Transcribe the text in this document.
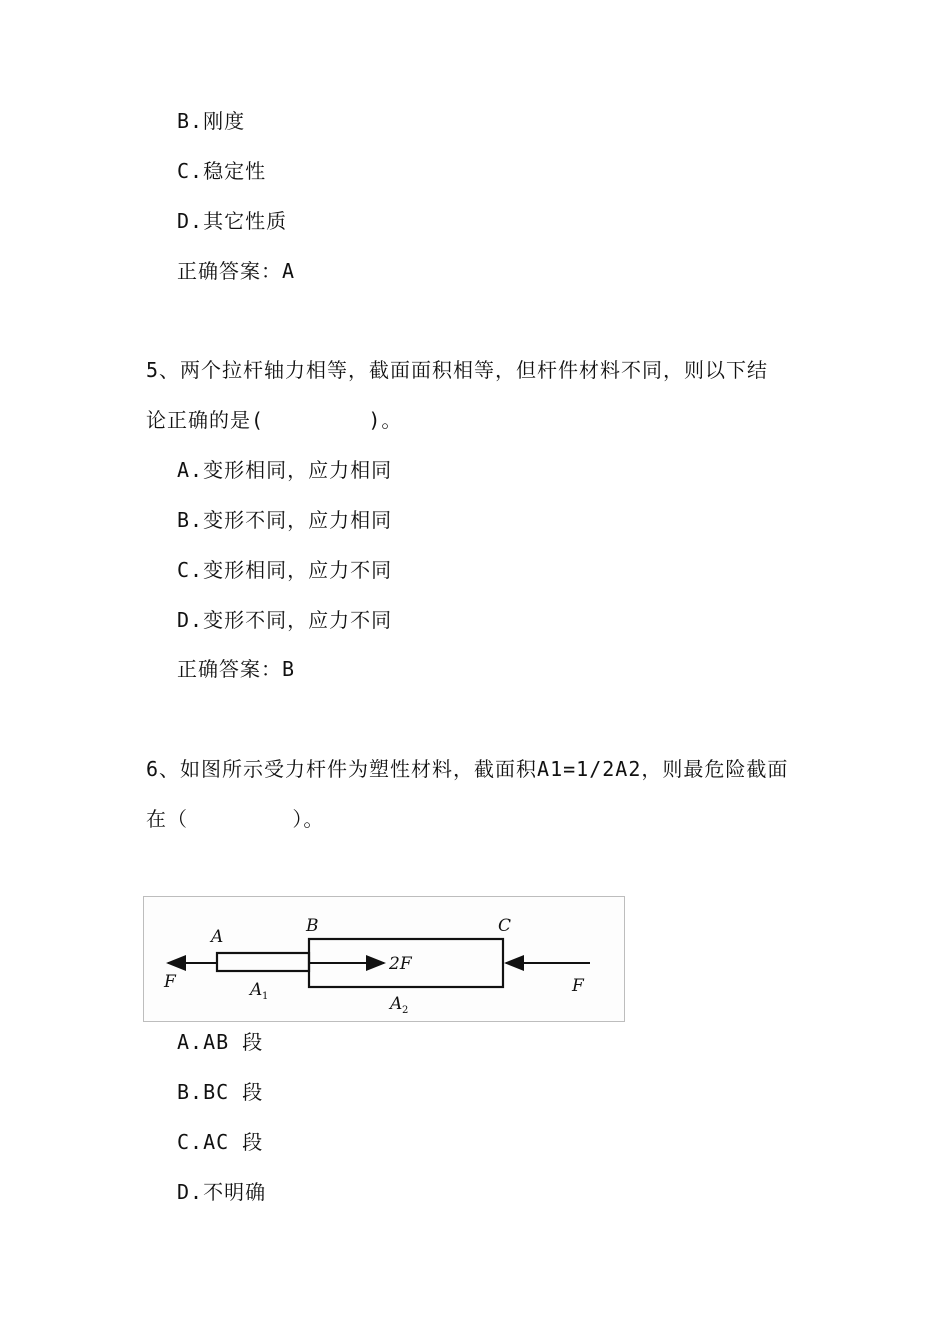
B.刚度
C.稳定性
D.其它性质
正确答案：A
5、两个拉杆轴力相等，截面面积相等，但杆件材料不同，则以下结
论正确的是(        )。
A.变形相同，应力相同
B.变形不同，应力相同
C.变形相同，应力不同
D.变形不同，应力不同
正确答案：B
6、如图所示受力杆件为塑性材料，截面积A1=1/2A2，则最危险截面
在（        ）。
A
B	C
F
2F
F
A 1	A 2
A.AB 段
B.BC 段
C.AC 段
D.不明确
